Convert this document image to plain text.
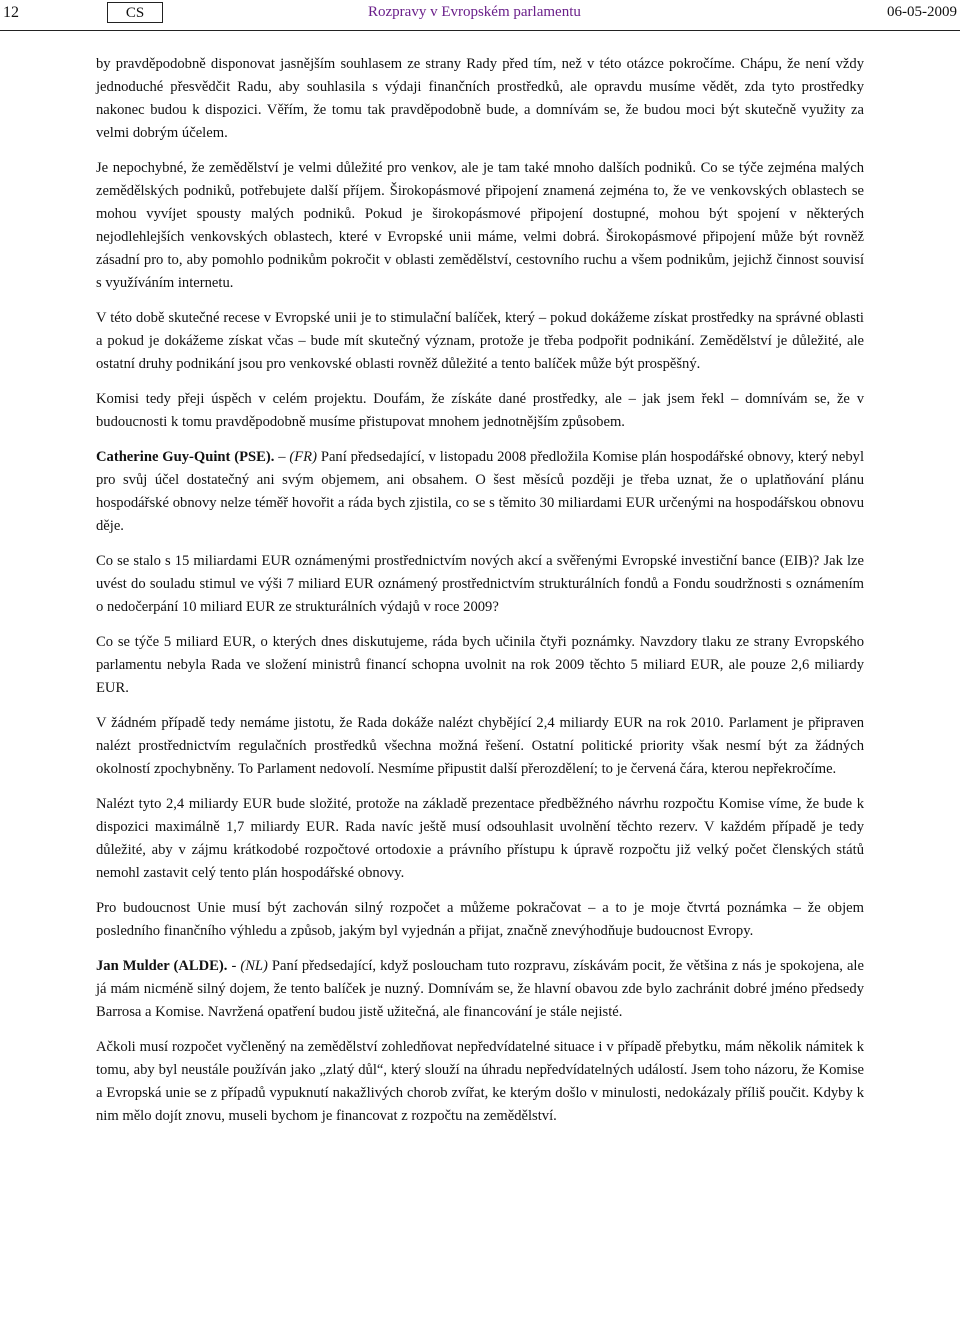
12	CS	Rozpravy v Evropském parlamentu	06-05-2009

by pravděpodobně disponovat jasnějším souhlasem ze strany Rady před tím, než v této otázce pokročíme. Chápu, že není vždy jednoduché přesvědčit Radu, aby souhlasila s výdaji finančních prostředků, ale opravdu musíme vědět, zda tyto prostředky nakonec budou k dispozici. Věřím, že tomu tak pravděpodobně bude, a domnívám se, že budou moci být skutečně využity za velmi dobrým účelem.

Je nepochybné, že zemědělství je velmi důležité pro venkov, ale je tam také mnoho dalších podniků. Co se týče zejména malých zemědělských podniků, potřebujete další příjem. Širokopásmové připojení znamená zejména to, že ve venkovských oblastech se mohou vyvíjet spousty malých podniků. Pokud je širokopásmové připojení dostupné, mohou být spojení v některých nejodlehlejších venkovských oblastech, které v Evropské unii máme, velmi dobrá. Širokopásmové připojení může být rovněž zásadní pro to, aby pomohlo podnikům pokročit v oblasti zemědělství, cestovního ruchu a všem podnikům, jejichž činnost souvisí s využíváním internetu.

V této době skutečné recese v Evropské unii je to stimulační balíček, který – pokud dokážeme získat prostředky na správné oblasti a pokud je dokážeme získat včas – bude mít skutečný význam, protože je třeba podpořit podnikání. Zemědělství je důležité, ale ostatní druhy podnikání jsou pro venkovské oblasti rovněž důležité a tento balíček může být prospěšný.

Komisi tedy přeji úspěch v celém projektu. Doufám, že získáte dané prostředky, ale – jak jsem řekl – domnívám se, že v budoucnosti k tomu pravděpodobně musíme přistupovat mnohem jednotnějším způsobem.

Catherine Guy-Quint (PSE). – (FR) Paní předsedající, v listopadu 2008 předložila Komise plán hospodářské obnovy, který nebyl pro svůj účel dostatečný ani svým objemem, ani obsahem. O šest měsíců později je třeba uznat, že o uplatňování plánu hospodářské obnovy nelze téměř hovořit a ráda bych zjistila, co se s těmito 30 miliardami EUR určenými na hospodářskou obnovu děje.

Co se stalo s 15 miliardami EUR oznámenými prostřednictvím nových akcí a svěřenými Evropské investiční bance (EIB)? Jak lze uvést do souladu stimul ve výši 7 miliard EUR oznámený prostřednictvím strukturálních fondů a Fondu soudržnosti s oznámením o nedočerpání 10 miliard EUR ze strukturálních výdajů v roce 2009?

Co se týče 5 miliard EUR, o kterých dnes diskutujeme, ráda bych učinila čtyři poznámky. Navzdory tlaku ze strany Evropského parlamentu nebyla Rada ve složení ministrů financí schopna uvolnit na rok 2009 těchto 5 miliard EUR, ale pouze 2,6 miliardy EUR.

V žádném případě tedy nemáme jistotu, že Rada dokáže nalézt chybějící 2,4 miliardy EUR na rok 2010. Parlament je připraven nalézt prostřednictvím regulačních prostředků všechna možná řešení. Ostatní politické priority však nesmí být za žádných okolností zpochybněny. To Parlament nedovolí. Nesmíme připustit další přerozdělení; to je červená čára, kterou nepřekročíme.

Nalézt tyto 2,4 miliardy EUR bude složité, protože na základě prezentace předběžného návrhu rozpočtu Komise víme, že bude k dispozici maximálně 1,7 miliardy EUR. Rada navíc ještě musí odsouhlasit uvolnění těchto rezerv. V každém případě je tedy důležité, aby v zájmu krátkodobé rozpočtové ortodoxie a právního přístupu k úpravě rozpočtu již velký počet členských států nemohl zastavit celý tento plán hospodářské obnovy.

Pro budoucnost Unie musí být zachován silný rozpočet a můžeme pokračovat – a to je moje čtvrtá poznámka – že objem posledního finančního výhledu a způsob, jakým byl vyjednán a přijat, značně znevýhodňuje budoucnost Evropy.

Jan Mulder (ALDE). - (NL) Paní předsedající, když posloucham tuto rozpravu, získávám pocit, že většina z nás je spokojena, ale já mám nicméně silný dojem, že tento balíček je nuzný. Domnívám se, že hlavní obavou zde bylo zachránit dobré jméno předsedy Barrosa a Komise. Navržená opatření budou jistě užitečná, ale financování je stále nejisté.

Ačkoli musí rozpočet vyčleněný na zemědělství zohledňovat nepředvídatelné situace i v případě přebytku, mám několik námitek k tomu, aby byl neustále používán jako „zlatý důl“, který slouží na úhradu nepředvídatelných událostí. Jsem toho názoru, že Komise a Evropská unie se z případů vypuknutí nakažlivých chorob zvířat, ke kterým došlo v minulosti, nedokázaly příliš poučit. Kdyby k nim mělo dojít znovu, museli bychom je financovat z rozpočtu na zemědělství.
